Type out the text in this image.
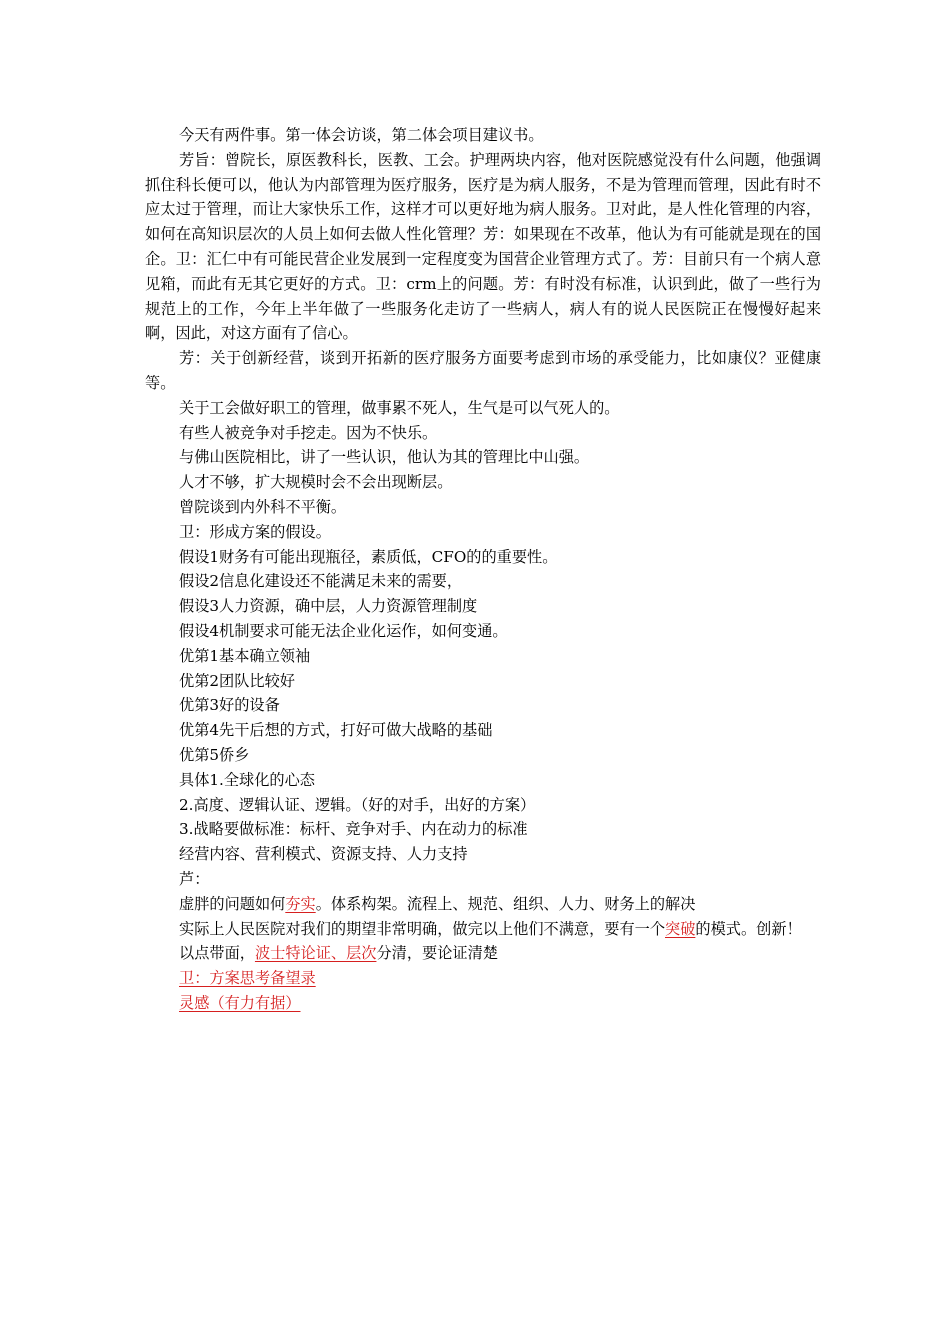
今天有两件事。第一体会访谈，第二体会项目建议书。

芳旨：曾院长，原医教科长，医教、工会。护理两块内容，他对医院感觉没有什么问题，他强调抓住科长便可以，他认为内部管理为医疗服务，医疗是为病人服务，不是为管理而管理，因此有时不应太过于管理，而让大家快乐工作，这样才可以更好地为病人服务。卫对此，是人性化管理的内容，如何在高知识层次的人员上如何去做人性化管理？芳：如果现在不改革，他认为有可能就是现在的国企。卫：汇仁中有可能民营企业发展到一定程度变为国营企业管理方式了。芳：目前只有一个病人意见箱，而此有无其它更好的方式。卫：crm上的问题。芳：有时没有标准，认识到此，做了一些行为规范上的工作，今年上半年做了一些服务化走访了一些病人，病人有的说人民医院正在慢慢好起来啊，因此，对这方面有了信心。

芳：关于创新经营，谈到开拓新的医疗服务方面要考虑到市场的承受能力，比如康仪？亚健康等。

关于工会做好职工的管理，做事累不死人，生气是可以气死人的。

有些人被竞争对手挖走。因为不快乐。

与佛山医院相比，讲了一些认识，他认为其的管理比中山强。

人才不够，扩大规模时会不会出现断层。

曾院谈到内外科不平衡。

卫：形成方案的假设。

假设1财务有可能出现瓶径，素质低，CFO的的重要性。

假设2信息化建设还不能满足未来的需要，

假设3人力资源，确中层，人力资源管理制度

假设4机制要求可能无法企业化运作，如何变通。

优第1基本确立领袖

优第2团队比较好

优第3好的设备

优第4先干后想的方式，打好可做大战略的基础

优第5侨乡

具体1.全球化的心态

2.高度、逻辑认证、逻辑。（好的对手，出好的方案）

3.战略要做标准：标杆、竞争对手、内在动力的标准

经营内容、营利模式、资源支持、人力支持

芦：

虚胖的问题如何夯实。体系构架。流程上、规范、组织、人力、财务上的解决

实际上人民医院对我们的期望非常明确，做完以上他们不满意，要有一个突破的模式。创新！

以点带面，波士特论证、层次分清，要论证清楚

卫：方案思考备望录

灵感（有力有据）
